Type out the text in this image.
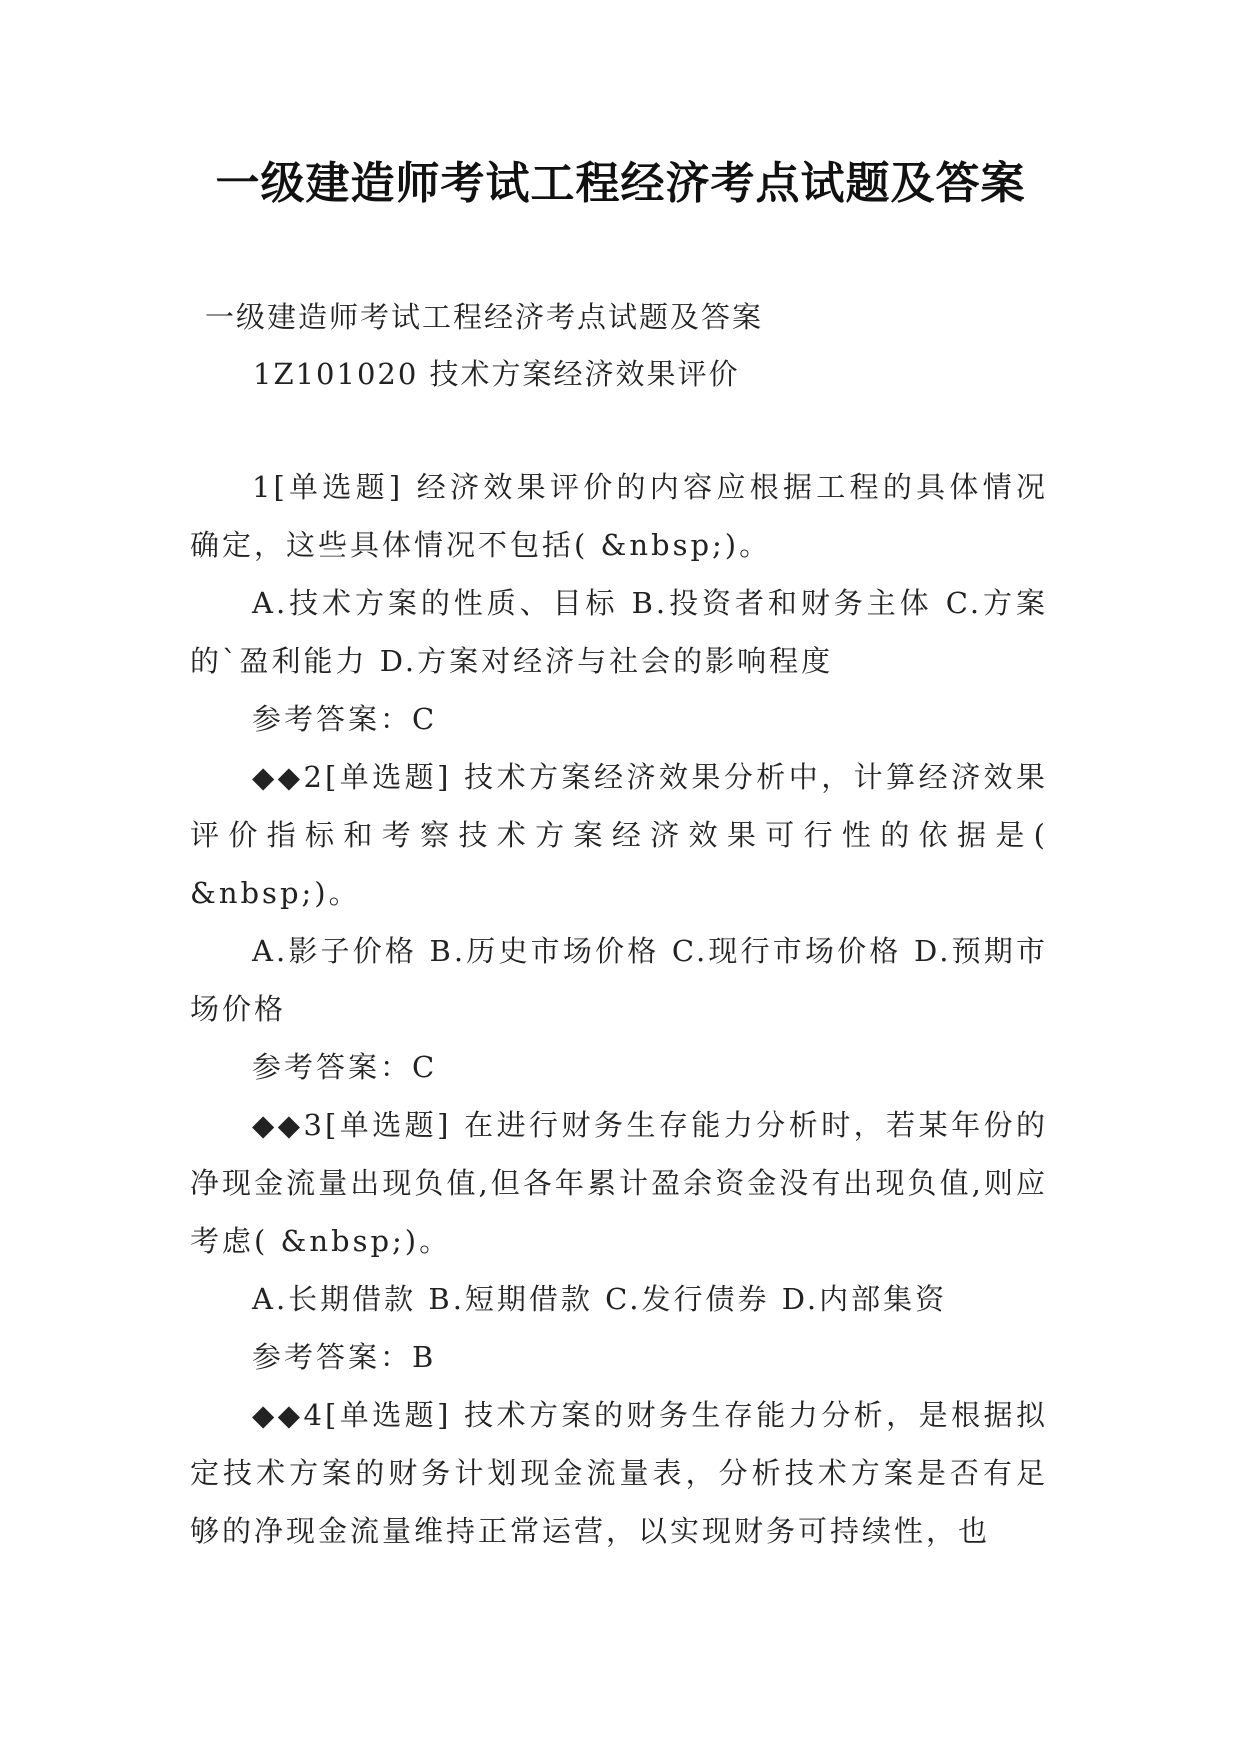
一级建造师考试工程经济考点试题及答案
一级建造师考试工程经济考点试题及答案
1Z101020 技术方案经济效果评价

1[单选题] 经济效果评价的内容应根据工程的具体情况确定，这些具体情况不包括( &nbsp;)。

A.技术方案的性质、目标 B.投资者和财务主体 C.方案的`盈利能力 D.方案对经济与社会的影响程度

参考答案：C

◆◆2[单选题] 技术方案经济效果分析中，计算经济效果评价指标和考察技术方案经济效果可行性的依据是( &nbsp;)。

A.影子价格 B.历史市场价格 C.现行市场价格 D.预期市场价格

参考答案：C

◆◆3[单选题] 在进行财务生存能力分析时，若某年份的净现金流量出现负值,但各年累计盈余资金没有出现负值,则应考虑( &nbsp;)。

A.长期借款 B.短期借款 C.发行债券 D.内部集资

参考答案：B

◆◆4[单选题] 技术方案的财务生存能力分析，是根据拟定技术方案的财务计划现金流量表，分析技术方案是否有足够的净现金流量维持正常运营，以实现财务可持续性，也
